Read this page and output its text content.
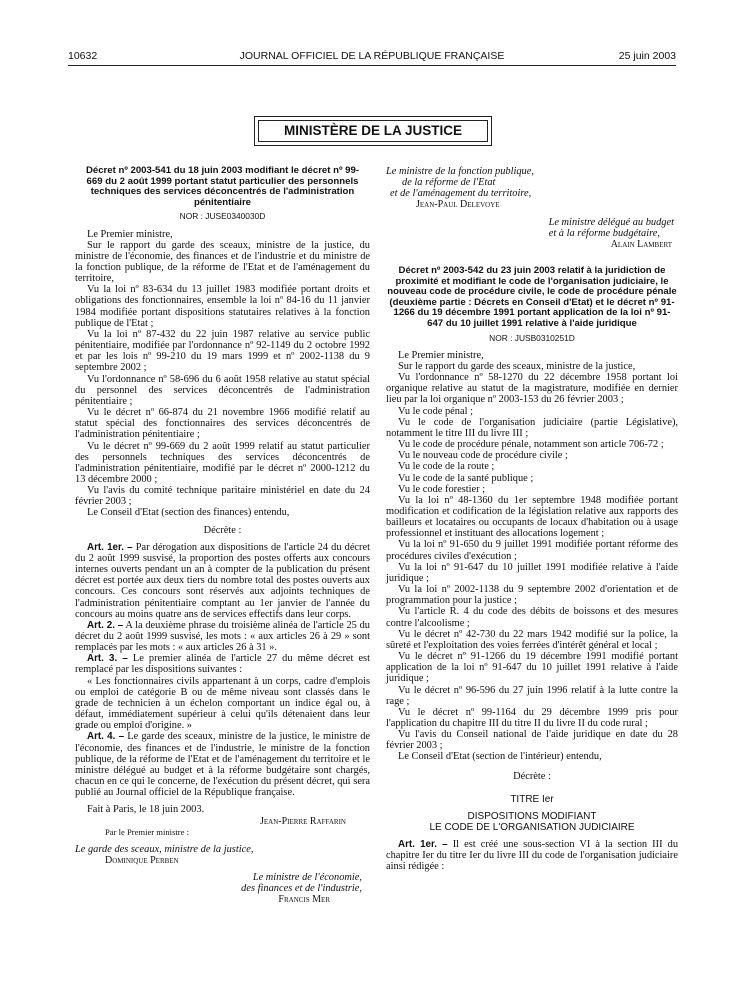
10632	JOURNAL OFFICIEL DE LA RÉPUBLIQUE FRANÇAISE	25 juin 2003
MINISTÈRE DE LA JUSTICE
Décret nº 2003-541 du 18 juin 2003 modifiant le décret nº 99-669 du 2 août 1999 portant statut particulier des personnels techniques des services déconcentrés de l'administration pénitentiaire
NOR : JUSE0340030D

Le Premier ministre,

Sur le rapport du garde des sceaux, ministre de la justice, du ministre de l'économie, des finances et de l'industrie et du ministre de la fonction publique, de la réforme de l'Etat et de l'aménagement du territoire,

Vu la loi nº 83-634 du 13 juillet 1983 modifiée portant droits et obligations des fonctionnaires, ensemble la loi nº 84-16 du 11 janvier 1984 modifiée portant dispositions statutaires relatives à la fonction publique de l'Etat ;

Vu la loi nº 87-432 du 22 juin 1987 relative au service public pénitentiaire, modifiée par l'ordonnance nº 92-1149 du 2 octobre 1992 et par les lois nº 99-210 du 19 mars 1999 et nº 2002-1138 du 9 septembre 2002 ;

Vu l'ordonnance nº 58-696 du 6 août 1958 relative au statut spécial du personnel des services déconcentrés de l'administration pénitentiaire ;

Vu le décret nº 66-874 du 21 novembre 1966 modifié relatif au statut spécial des fonctionnaires des services déconcentrés de l'administration pénitentiaire ;

Vu le décret nº 99-669 du 2 août 1999 relatif au statut particulier des personnels techniques des services déconcentrés de l'administration pénitentiaire, modifié par le décret nº 2000-1212 du 13 décembre 2000 ;

Vu l'avis du comité technique paritaire ministériel en date du 24 février 2003 ;

Le Conseil d'Etat (section des finances) entendu,

Décrète :

Art. 1er. – Par dérogation aux dispositions de l'article 24 du décret du 2 août 1999 susvisé, la proportion des postes offerts aux concours internes ouverts pendant un an à compter de la publication du présent décret est portée aux deux tiers du nombre total des postes ouverts aux concours. Ces concours sont réservés aux adjoints techniques de l'administration pénitentiaire comptant au 1er janvier de l'année du concours au moins quatre ans de services effectifs dans leur corps.

Art. 2. – A la deuxième phrase du troisième alinéa de l'article 25 du décret du 2 août 1999 susvisé, les mots : « aux articles 26 à 29 » sont remplacés par les mots : « aux articles 26 à 31 ».

Art. 3. – Le premier alinéa de l'article 27 du même décret est remplacé par les dispositions suivantes :

« Les fonctionnaires civils appartenant à un corps, cadre d'emplois ou emploi de catégorie B ou de même niveau sont classés dans le grade de technicien à un échelon comportant un indice égal ou, à défaut, immédiatement supérieur à celui qu'ils détenaient dans leur grade ou emploi d'origine. »

Art. 4. – Le garde des sceaux, ministre de la justice, le ministre de l'économie, des finances et de l'industrie, le ministre de la fonction publique, de la réforme de l'Etat et de l'aménagement du territoire et le ministre délégué au budget et à la réforme budgétaire sont chargés, chacun en ce qui le concerne, de l'exécution du présent décret, qui sera publié au Journal officiel de la République française.

Fait à Paris, le 18 juin 2003.

Jean-Pierre Raffarin
Par le Premier ministre :
Le garde des sceaux, ministre de la justice,
Dominique Perben
Le ministre de l'économie,
des finances et de l'industrie,
Francis Mer
Le ministre de la fonction publique,
de la réforme de l'Etat
et de l'aménagement du territoire,
Jean-Paul Delevoye
Le ministre délégué au budget
et à la réforme budgétaire,
Alain Lambert
Décret nº 2003-542 du 23 juin 2003 relatif à la juridiction de proximité et modifiant le code de l'organisation judiciaire, le nouveau code de procédure civile, le code de procédure pénale (deuxième partie : Décrets en Conseil d'Etat) et le décret nº 91-1266 du 19 décembre 1991 portant application de la loi nº 91-647 du 10 juillet 1991 relative à l'aide juridique
NOR : JUSB0310251D

Le Premier ministre,

Sur le rapport du garde des sceaux, ministre de la justice,

Vu l'ordonnance nº 58-1270 du 22 décembre 1958 portant loi organique relative au statut de la magistrature, modifiée en dernier lieu par la loi organique nº 2003-153 du 26 février 2003 ;

Vu le code pénal ;

Vu le code de l'organisation judiciaire (partie Législative), notamment le titre III du livre III ;

Vu le code de procédure pénale, notamment son article 706-72 ;

Vu le nouveau code de procédure civile ;

Vu le code de la route ;

Vu le code de la santé publique ;

Vu le code forestier ;

Vu la loi nº 48-1360 du 1er septembre 1948 modifiée portant modification et codification de la législation relative aux rapports des bailleurs et locataires ou occupants de locaux d'habitation ou à usage professionnel et instituant des allocations logement ;

Vu la loi nº 91-650 du 9 juillet 1991 modifiée portant réforme des procédures civiles d'exécution ;

Vu la loi nº 91-647 du 10 juillet 1991 modifiée relative à l'aide juridique ;

Vu la loi nº 2002-1138 du 9 septembre 2002 d'orientation et de programmation pour la justice ;

Vu l'article R. 4 du code des débits de boissons et des mesures contre l'alcoolisme ;

Vu le décret nº 42-730 du 22 mars 1942 modifié sur la police, la sûreté et l'exploitation des voies ferrées d'intérêt général et local ;

Vu le décret nº 91-1266 du 19 décembre 1991 modifié portant application de la loi nº 91-647 du 10 juillet 1991 relative à l'aide juridique ;

Vu le décret nº 96-596 du 27 juin 1996 relatif à la lutte contre la rage ;

Vu le décret nº 99-1164 du 29 décembre 1999 pris pour l'application du chapitre III du titre II du livre II du code rural ;

Vu l'avis du Conseil national de l'aide juridique en date du 28 février 2003 ;

Le Conseil d'Etat (section de l'intérieur) entendu,

Décrète :
TITRE Ier
DISPOSITIONS MODIFIANT
LE CODE DE L'ORGANISATION JUDICIAIRE

Art. 1er. – Il est créé une sous-section VI à la section III du chapitre Ier du titre Ier du livre III du code de l'organisation judiciaire ainsi rédigée :
